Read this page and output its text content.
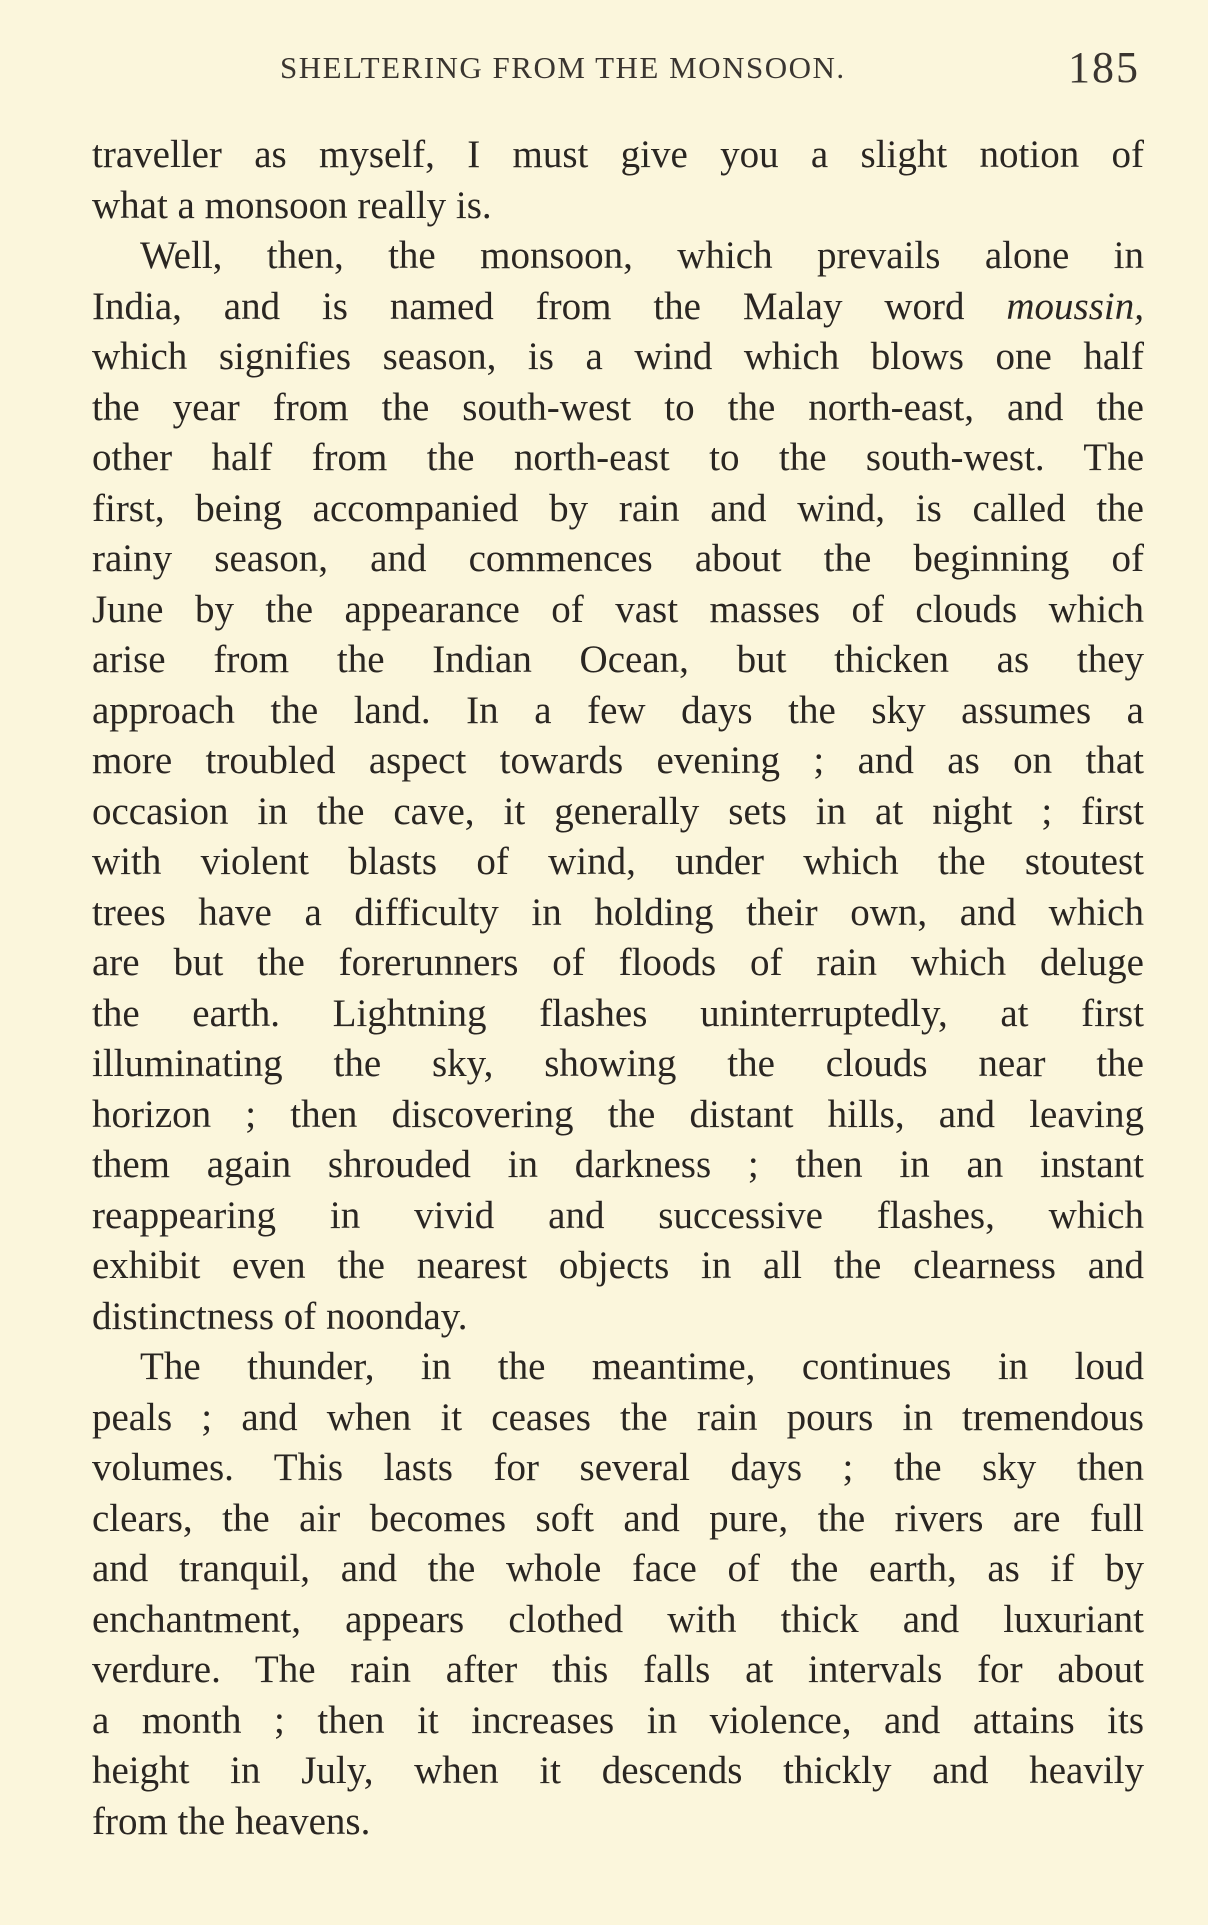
SHELTERING FROM THE MONSOON.	185
traveller as myself, I must give you a slight notion of
what a monsoon really is.
Well, then, the monsoon, which prevails alone in
India, and is named from the Malay word moussin,
which signifies season, is a wind which blows one half
the year from the south-west to the north-east, and the
other half from the north-east to the south-west. The
first, being accompanied by rain and wind, is called the
rainy season, and commences about the beginning of
June by the appearance of vast masses of clouds which
arise from the Indian Ocean, but thicken as they
approach the land. In a few days the sky assumes a
more troubled aspect towards evening ; and as on that
occasion in the cave, it generally sets in at night ; first
with violent blasts of wind, under which the stoutest
trees have a difficulty in holding their own, and which
are but the forerunners of floods of rain which deluge
the earth. Lightning flashes uninterruptedly, at first
illuminating the sky, showing the clouds near the
horizon ; then discovering the distant hills, and leaving
them again shrouded in darkness ; then in an instant
reappearing in vivid and successive flashes, which
exhibit even the nearest objects in all the clearness and
distinctness of noonday.
The thunder, in the meantime, continues in loud
peals ; and when it ceases the rain pours in tremendous
volumes. This lasts for several days ; the sky then
clears, the air becomes soft and pure, the rivers are full
and tranquil, and the whole face of the earth, as if by
enchantment, appears clothed with thick and luxuriant
verdure. The rain after this falls at intervals for about
a month ; then it increases in violence, and attains its
height in July, when it descends thickly and heavily
from the heavens.
